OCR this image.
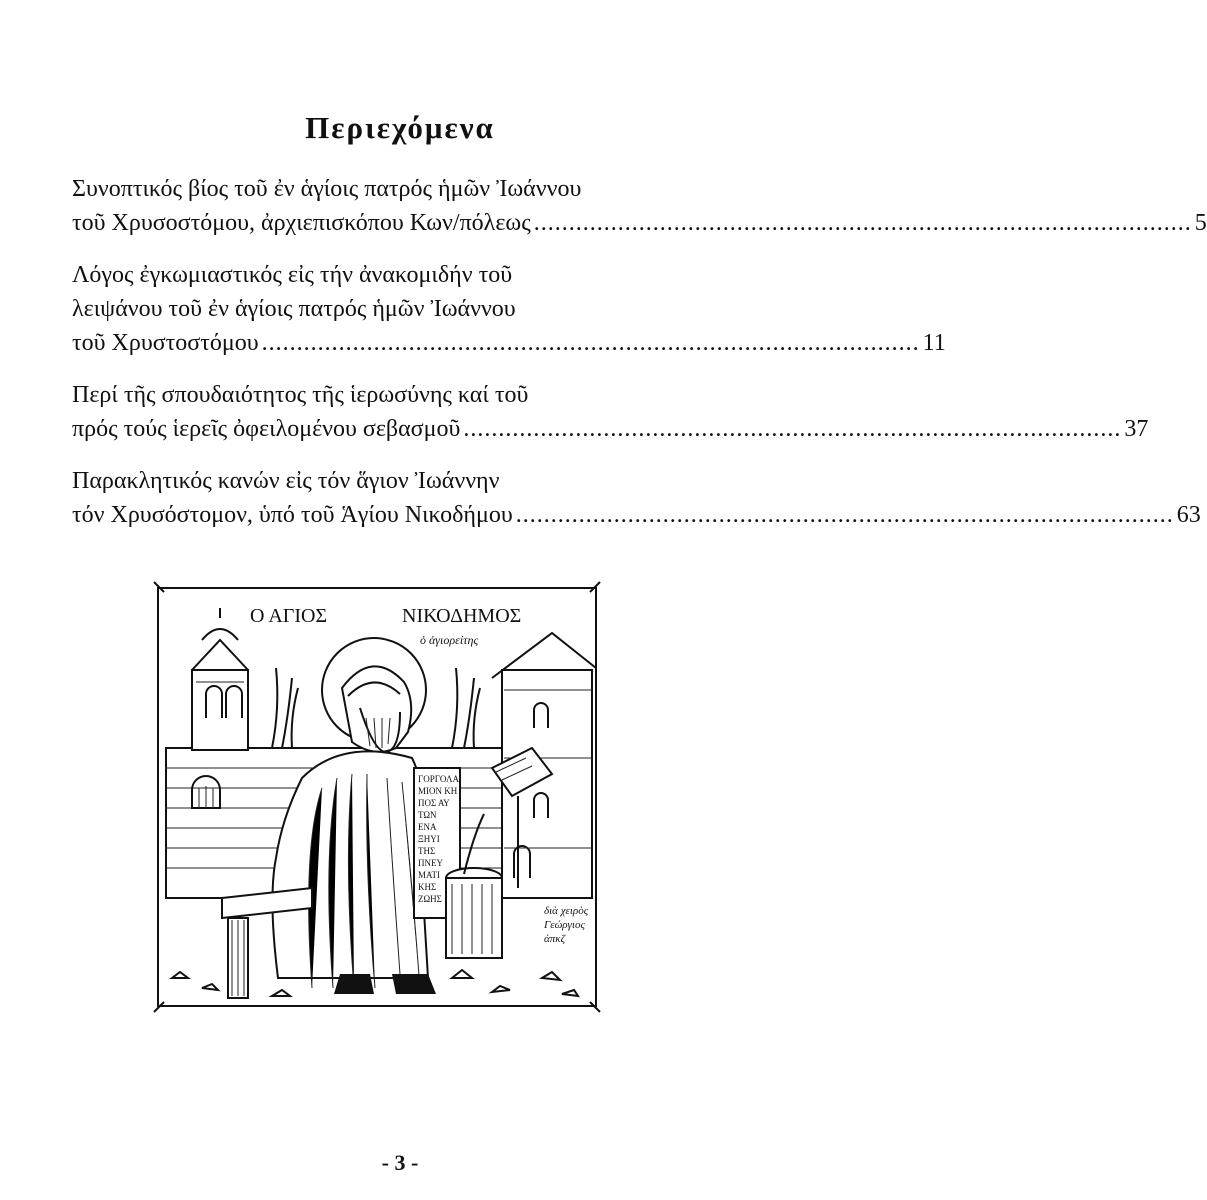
Περιεχόμενα
Συνοπτικός βίος τοῦ ἐν ἁγίοις πατρός ἡμῶν Ἰωάννου
τοῦ Χρυσοστόμου, ἀρχιεπισκόπου Κων/πόλεως .............................................................................................. 5
Λόγος ἐγκωμιαστικός εἰς τήν ἀνακομιδήν τοῦ
λειψάνου τοῦ ἐν ἁγίοις πατρός ἡμῶν Ἰωάννου
τοῦ Χρυστοστόμου .............................................................................................. 11
Περί τῆς σπουδαιότητος τῆς ἱερωσύνης καί τοῦ
πρός τούς ἱερεῖς ὀφειλομένου σεβασμοῦ .............................................................................................. 37
Παρακλητικός κανών εἰς τόν ἅγιον Ἰωάννην
τόν Χρυσόστομον, ὑπό τοῦ Ἁγίου Νικοδήμου .............................................................................................. 63
Ο ΑΓΙΟΣ	ΝΙΚΟΔΗΜΟΣ
ὁ ἁγιορείτης
ΓΟΡΓΟΛΑ
ΜΙΟΝ ΚΗ
ΠΟΣ ΑΥ
ΤΩΝ
ΕΝΑ
ΞΗΥΙ
ΤΗΣ
ΠΝΕΥ
ΜΑΤΙ
ΚΗΣ
ΖΩΗΣ
διὰ χειρὸς
Γεώργιος
ἀπκζ
- 3 -
